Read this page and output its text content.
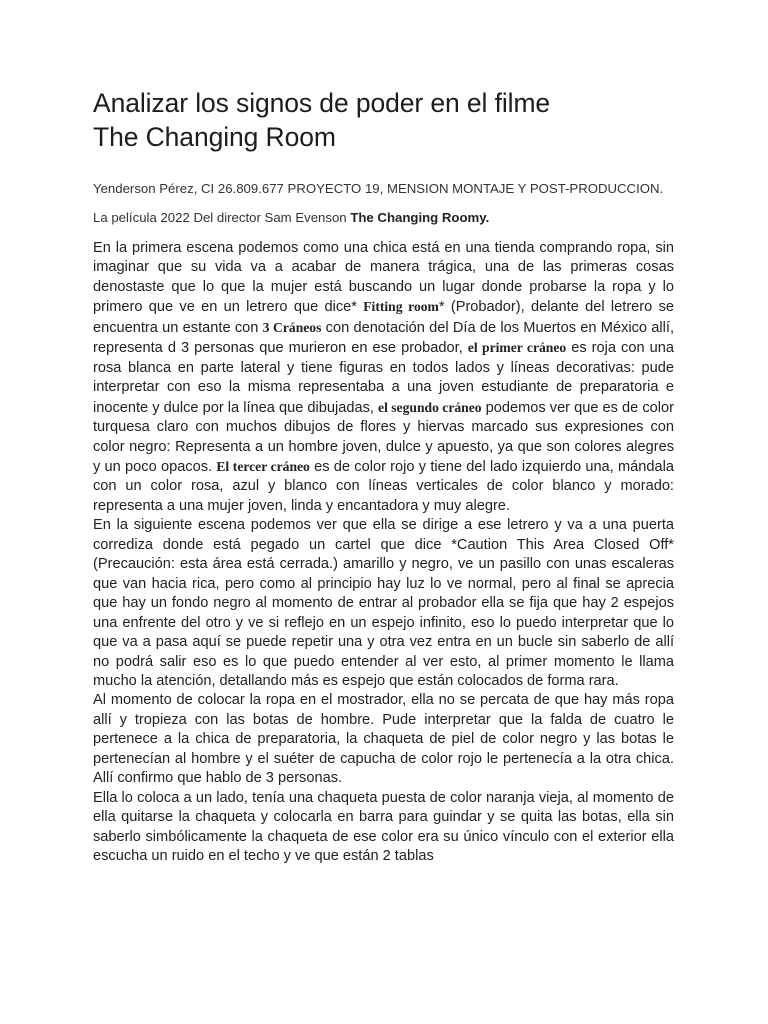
Analizar los signos de poder en el filme
The Changing Room

Yenderson Pérez, CI 26.809.677 PROYECTO 19, MENSION MONTAJE Y POST-PRODUCCION.

La película 2022 Del director Sam Evenson The Changing Roomy.

En la primera escena podemos como una chica está en una tienda comprando ropa, sin imaginar que su vida va a acabar de manera trágica, una de las primeras cosas denostaste que lo que la mujer está buscando un lugar donde probarse la ropa y lo primero que ve en un letrero que dice* Fitting room* (Probador), delante del letrero se encuentra un estante con 3 Cráneos con denotación del Día de los Muertos en México allí, representa d 3 personas que murieron en ese probador, el primer cráneo es roja con una rosa blanca en parte lateral y tiene figuras en todos lados y líneas decorativas: pude interpretar con eso la misma representaba a una joven estudiante de preparatoria e inocente y dulce por la línea que dibujadas, el segundo cráneo podemos ver que es de color turquesa claro con muchos dibujos de flores y hiervas marcado sus expresiones con color negro: Representa a un hombre joven, dulce y apuesto, ya que son colores alegres y un poco opacos. El tercer cráneo es de color rojo y tiene del lado izquierdo una, mándala con un color rosa, azul y blanco con líneas verticales de color blanco y morado: representa a una mujer joven, linda y encantadora y muy alegre.

En la siguiente escena podemos ver que ella se dirige a ese letrero y va a una puerta corrediza donde está pegado un cartel que dice *Caution This Area Closed Off* (Precaución: esta área está cerrada.) amarillo y negro, ve un pasillo con unas escaleras que van hacia rica, pero como al principio hay luz lo ve normal, pero al final se aprecia que hay un fondo negro al momento de entrar al probador ella se fija que hay 2 espejos una enfrente del otro y ve si reflejo en un espejo infinito, eso lo puedo interpretar que lo que va a pasa aquí se puede repetir una y otra vez entra en un bucle sin saberlo de allí no podrá salir eso es lo que puedo entender al ver esto, al primer momento le llama mucho la atención, detallando más es espejo que están colocados de forma rara.

Al momento de colocar la ropa en el mostrador, ella no se percata de que hay más ropa allí y tropieza con las botas de hombre. Pude interpretar que la falda de cuatro le pertenece a la chica de preparatoria, la chaqueta de piel de color negro y las botas le pertenecían al hombre y el suéter de capucha de color rojo le pertenecía a la otra chica. Allí confirmo que hablo de 3 personas.

Ella lo coloca a un lado, tenía una chaqueta puesta de color naranja vieja, al momento de ella quitarse la chaqueta y colocarla en barra para guindar y se quita las botas, ella sin saberlo simbólicamente la chaqueta de ese color era su único vínculo con el exterior ella escucha un ruido en el techo y ve que están 2 tablas
